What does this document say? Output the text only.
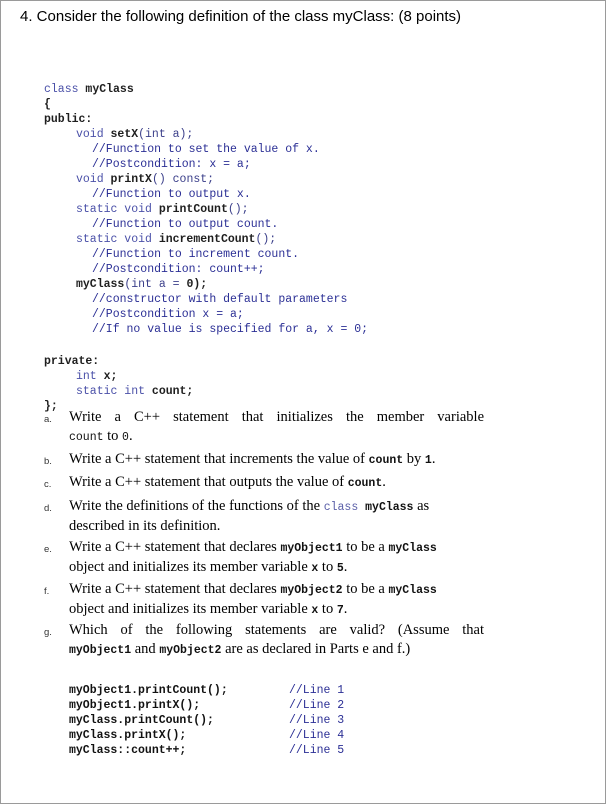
4. Consider the following definition of the class myClass: (8 points)

class myClass
{
public:
void setX(int a);
//Function to set the value of x.
//Postcondition: x = a;
void printX() const;
//Function to output x.
static void printCount();
//Function to output count.
static void incrementCount();
//Function to increment count.
//Postcondition: count++;
myClass(int a = 0);
//constructor with default parameters
//Postcondition x = a;
//If no value is specified for a, x = 0;

private:
int x;
static int count;
};

a. Write a C++ statement that initializes the member variable
count to 0.
b. Write a C++ statement that increments the value of count by 1.
c. Write a C++ statement that outputs the value of count.
d. Write the definitions of the functions of the class myClass as
described in its definition.
e. Write a C++ statement that declares myObject1 to be a myClass
object and initializes its member variable x to 5.
f. Write a C++ statement that declares myObject2 to be a myClass
object and initializes its member variable x to 7.
g. Which of the following statements are valid? (Assume that
myObject1 and myObject2 are as declared in Parts e and f.)

myObject1.printCount();
myObject1.printX();
myClass.printCount();
myClass.printX();
myClass::count++;

//Line 1
//Line 2
//Line 3
//Line 4
//Line 5
